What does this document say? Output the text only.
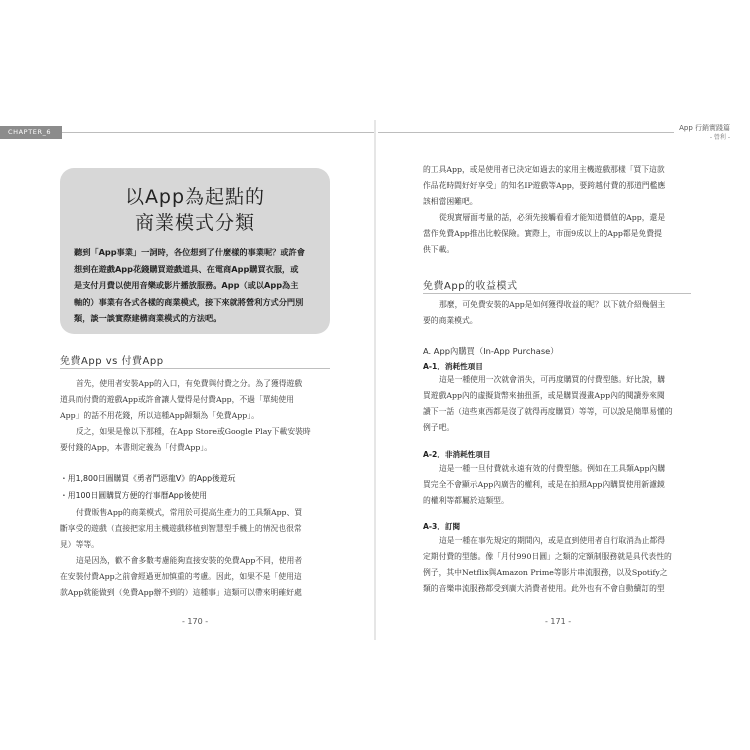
CHAPTER_6	App 行銷實踐篇
- 營利 -
以App為起點的
商業模式分類
聽到「App事業」一詞時，各位想到了什麼樣的事業呢？或許會
想到在遊戲App花錢購買遊戲道具、在電商App購買衣服，或
是支付月費以使用音樂或影片播放服務。App（或以App為主
軸的）事業有各式各樣的商業模式，接下來就將營利方式分門別
類，談一談實際建構商業模式的方法吧。
免費App vs 付費App
首先，使用者安裝App的入口，有免費與付費之分。為了獲得遊戲
道具而付費的遊戲App或許會讓人覺得是付費App，不過「單純使用
App」的話不用花錢，所以這種App歸類為「免費App」。
反之，如果是像以下那種，在App Store或Google Play下載安裝時
要付錢的App，本書則定義為「付費App」。
・用1,800日圓購買《勇者鬥惡龍V》的App後遊玩
・用100日圓購買方便的行事曆App後使用
付費販售App的商業模式，常用於可提高生產力的工具類App、買
斷享受的遊戲（直接把家用主機遊戲移植到智慧型手機上的情況也很常
見）等等。
這是因為，歡不會多數考慮能夠直接安裝的免費App不同，使用者
在安裝付費App之前會經過更加慎重的考慮。因此，如果不是「使用這
款App就能做到（免費App辦不到的）這種事」這類可以帶來明確好處
- 170 -
的工具App，或是使用者已決定如過去的家用主機遊戲那樣「買下這款
作品花時間好好享受」的知名IP遊戲等App，要跨越付費的那道門檻應
該相當困難吧。
從現實層面考量的話，必須先接觸看看才能知道價值的App，還是
當作免費App推出比較保險。實際上，市面9成以上的App都是免費提
供下載。
免費App的收益模式
那麼，可免費安裝的App是如何獲得收益的呢？以下就介紹幾個主
要的商業模式。
A. App內購買（In-App Purchase）
A-1．消耗性項目
這是一種使用一次就會消失，可再度購買的付費型態。好比說，購
買遊戲App內的虛擬貨幣來抽扭蛋，或是購買漫畫App內的閱讀券來閱
讀下一話（這些東西都是沒了就得再度購買）等等，可以說是簡單易懂的
例子吧。
A-2．非消耗性項目
這是一種一旦付費就永遠有效的付費型態。例如在工具類App內購
買完全不會顯示App內廣告的權利，或是在拍照App內購買使用新濾鏡
的權利等都屬於這類型。
A-3．訂閱
這是一種在事先規定的期間內，或是直到使用者自行取消為止都得
定期付費的型態。像「月付990日圓」之類的定額制服務就是具代表性的
例子，其中Netflix與Amazon Prime等影片串流服務，以及Spotify之
類的音樂串流服務都受到廣大消費者使用。此外也有不會自動續訂的型
- 171 -
